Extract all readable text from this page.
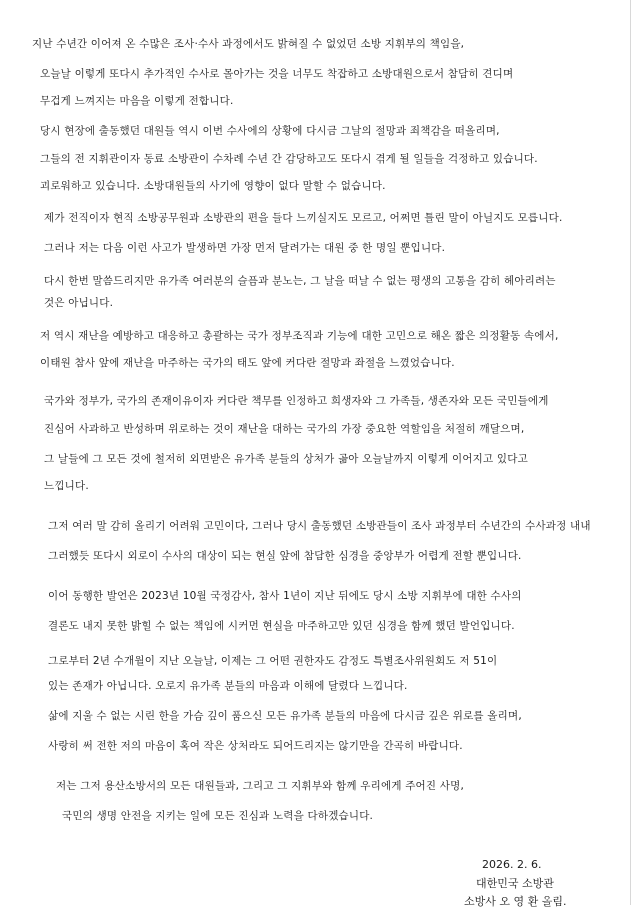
지난 수년간 이어져 온 수많은 조사·수사 과정에서도 밝혀질 수 없었던 소방 지휘부의 책임을,
오늘날 이렇게 또다시 추가적인 수사로 몰아가는 것을 너무도 착잡하고 소방대원으로서 참담히 견디며
무겁게 느껴지는 마음을 이렇게 전합니다.
당시 현장에 출동했던 대원들 역시 이번 수사에의 상황에 다시금 그날의 절망과 죄책감을 떠올리며,
그들의 전 지휘관이자 동료 소방관이 수차례 수년 간 감당하고도 또다시 겪게 될 일들을 걱정하고 있습니다.
괴로워하고 있습니다. 소방대원들의 사기에 영향이 없다 말할 수 없습니다.
제가 전직이자 현직 소방공무원과 소방관의 편을 들다 느끼실지도 모르고, 어쩌면 틀린 말이 아닐지도 모릅니다.
그러나 저는 다음 이런 사고가 발생하면 가장 먼저 달려가는 대원 중 한 명일 뿐입니다.
다시 한번 말씀드리지만 유가족 여러분의 슬픔과 분노는, 그 날을 떠날 수 없는 평생의 고통을 감히 헤아리려는
것은 아닙니다.
저 역시 재난을 예방하고 대응하고 총괄하는 국가 정부조직과 기능에 대한 고민으로 해온 짧은 의정활동 속에서,
이태원 참사 앞에 재난을 마주하는 국가의 태도 앞에 커다란 절망과 좌절을 느꼈었습니다.
국가와 정부가, 국가의 존재이유이자 커다란 책무를 인정하고 희생자와 그 가족들, 생존자와 모든 국민들에게
진심어 사과하고 반성하며 위로하는 것이 재난을 대하는 국가의 가장 중요한 역할임을 처절히 깨달으며,
그 날들에 그 모든 것에 철저히 외면받은 유가족 분들의 상처가 곪아 오늘날까지 이렇게 이어지고 있다고
느낍니다.
그저 여러 말 감히 올리기 어려워 고민이다, 그러나 당시 출동했던 소방관들이 조사 과정부터 수년간의 수사과정 내내
그러했듯 또다시 외로이 수사의 대상이 되는 현실 앞에 참담한 심경을 중앙부가 어렵게 전할 뿐입니다.
이어 동행한 발언은 2023년 10월 국정감사, 참사 1년이 지난 뒤에도 당시 소방 지휘부에 대한 수사의
결론도 내지 못한 밝힐 수 없는 책임에 시커먼 현실을 마주하고만 있던 심경을 함께 했던 발언입니다.
그로부터 2년 수개월이 지난 오늘날, 이제는 그 어떤 권한자도 감정도 특별조사위원회도 저 51이
있는 존재가 아닙니다. 오로지 유가족 분들의 마음과 이해에 달렸다 느낍니다.
삶에 지울 수 없는 시린 한을 가슴 깊이 품으신 모든 유가족 분들의 마음에 다시금 깊은 위로를 올리며,
사랑히 써 전한 저의 마음이 혹여 작은 상처라도 되어드리지는 않기만을 간곡히 바랍니다.
저는 그저 용산소방서의 모든 대원들과, 그리고 그 지휘부와 함께 우리에게 주어진 사명,
국민의 생명 안전을 지키는 일에 모든 진심과 노력을 다하겠습니다.
2026. 2. 6.
대한민국 소방관
소방사 오 영 환 올림.
